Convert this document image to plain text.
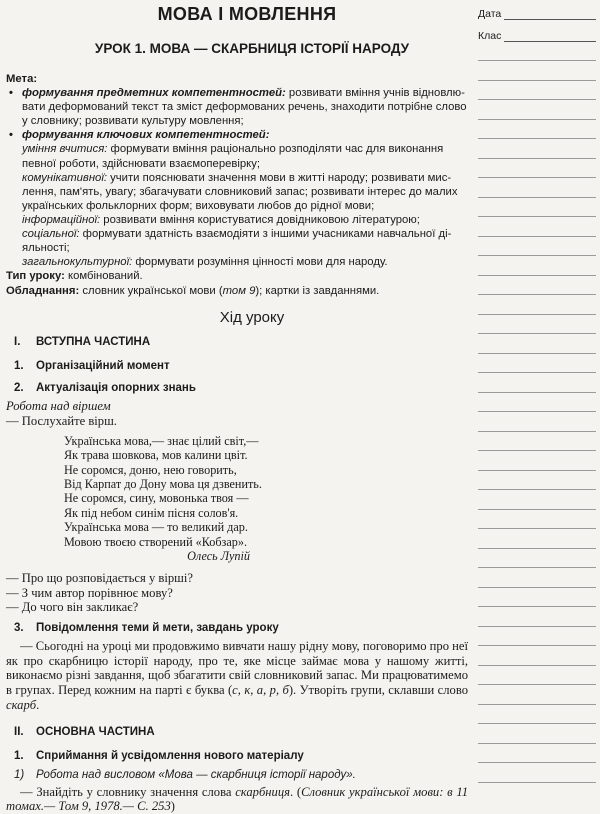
МОВА І МОВЛЕННЯ
УРОК 1. МОВА — СКАРБНИЦЯ ІСТОРІЇ НАРОДУ
Мета:
• формування предметних компетентностей: розвивати вміння учнів відновлю-
вати деформований текст та зміст деформованих речень, знаходити потрібне слово
у словнику; розвивати культуру мовлення;
• формування ключових компетентностей:
уміння вчитися: формувати вміння раціонально розподіляти час для виконання
певної роботи, здійснювати взаємоперевірку;
комунікативної: учити пояснювати значення мови в житті народу; розвивати мис-
лення, пам'ять, увагу; збагачувати словниковий запас; розвивати інтерес до малих
українських фольклорних форм; виховувати любов до рідної мови;
інформаційної: розвивати вміння користуватися довідниковою літературою;
соціальної: формувати здатність взаємодіяти з іншими учасниками навчальної ді-
яльності;
загальнокультурної: формувати розуміння цінності мови для народу.
Тип уроку: комбінований.
Обладнання: словник української мови (том 9); картки із завданнями.
Хід уроку
I.	ВСТУПНА ЧАСТИНА
1.	Організаційний момент
2.	Актуалізація опорних знань
Робота над віршем
— Послухайте вірш.
Українська мова,— знає цілий світ,—
Як трава шовкова, мов калини цвіт.
Не соромся, доню, нею говорить,
Від Карпат до Дону мова ця дзвенить.
Не соромся, сину, мовонька твоя —
Як під небом синім пісня солов'я.
Українська мова — то великий дар.
Мовою твоєю створений «Кобзар».
Олесь Лупій
— Про що розповідається у вірші?
— З чим автор порівнює мову?
— До чого він закликає?
3.	Повідомлення теми й мети, завдань уроку
— Сьогодні на уроці ми продовжимо вивчати нашу рідну мову, поговоримо про неї як про скарбницю історії народу, про те, яке місце займає мова у нашому житті, виконаємо різні завдання, щоб збагатити свій словниковий запас. Ми працюватимемо в групах. Перед кожним на парті є буква (с, к, а, р, б). Утворіть групи, склавши слово скарб.
II.	ОСНОВНА ЧАСТИНА
1.	Сприймання й усвідомлення нового матеріалу
1)	Робота над висловом «Мова — скарбниця історії народу».
— Знайдіть у словнику значення слова скарбниця. (Словник української мови: в 11 томах.— Том 9, 1978.— С. 253)
Дата
Клас
